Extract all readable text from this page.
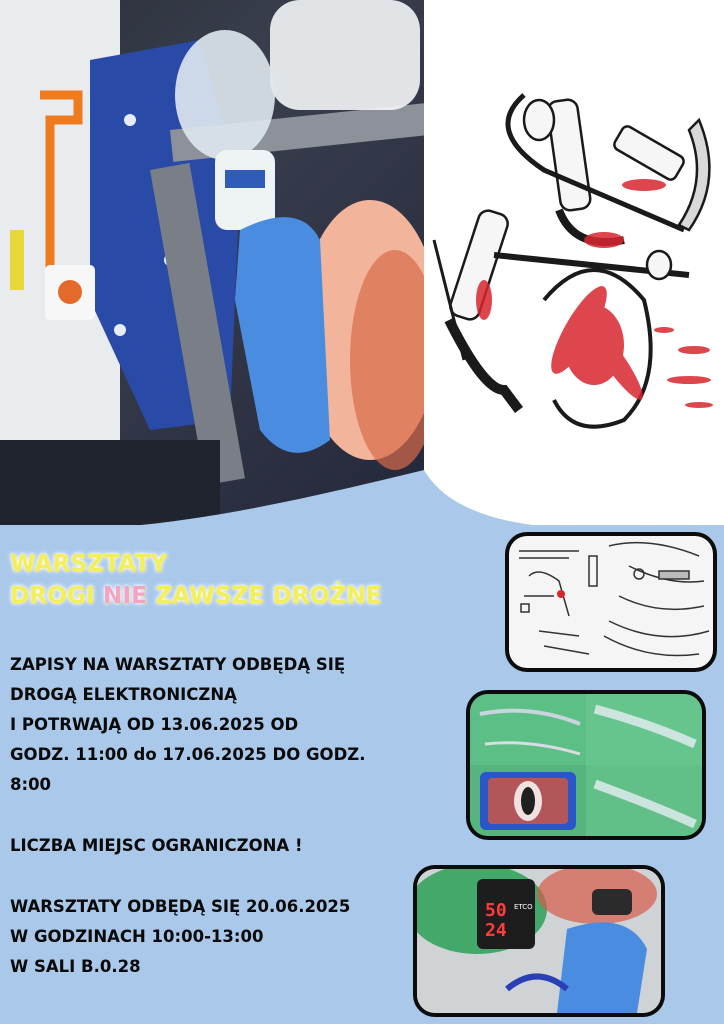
WARSZTATY
DROGI NIE ZAWSZE DROŻNE
ZAPISY NA WARSZTATY ODBĘDĄ SIĘ
DROGĄ ELEKTRONICZNĄ
I POTRWAJĄ OD 13.06.2025 OD
GODZ. 11:00 do 17.06.2025 DO GODZ.
8:00
LICZBA MIEJSC OGRANICZONA !
WARSZTATY ODBĘDĄ SIĘ 20.06.2025
W GODZINACH 10:00-13:00
W SALI B.0.28
50
24
ETCO
